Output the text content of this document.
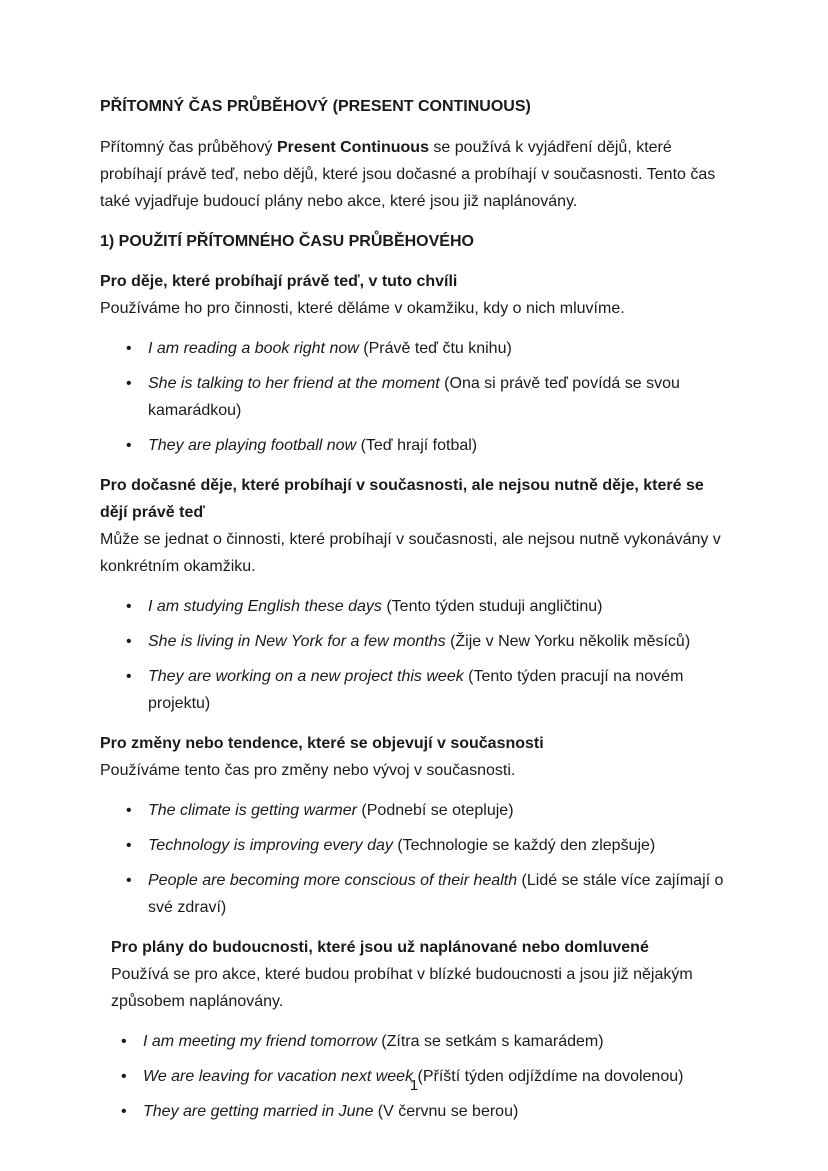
PŘÍTOMNÝ ČAS PRŮBĚHOVÝ (PRESENT CONTINUOUS)

Přítomný čas průběhový Present Continuous se používá k vyjádření dějů, které probíhají právě teď, nebo dějů, které jsou dočasné a probíhají v současnosti. Tento čas také vyjadřuje budoucí plány nebo akce, které jsou již naplánovány.

1) POUŽITÍ PŘÍTOMNÉHO ČASU PRŮBĚHOVÉHO

Pro děje, které probíhají právě teď, v tuto chvíli
Používáme ho pro činnosti, které děláme v okamžiku, kdy o nich mluvíme.

• I am reading a book right now (Právě teď čtu knihu)
• She is talking to her friend at the moment (Ona si právě teď povídá se svou kamarádkou)
• They are playing football now (Teď hrají fotbal)

Pro dočasné děje, které probíhají v současnosti, ale nejsou nutně děje, které se dějí právě teď
Může se jednat o činnosti, které probíhají v současnosti, ale nejsou nutně vykonávány v konkrétním okamžiku.

• I am studying English these days (Tento týden studuji angličtinu)
• She is living in New York for a few months (Žije v New Yorku několik měsíců)
• They are working on a new project this week (Tento týden pracují na novém projektu)

Pro změny nebo tendence, které se objevují v současnosti
Používáme tento čas pro změny nebo vývoj v současnosti.

• The climate is getting warmer (Podnebí se otepluje)
• Technology is improving every day (Technologie se každý den zlepšuje)
• People are becoming more conscious of their health (Lidé se stále více zajímají o své zdraví)

Pro plány do budoucnosti, které jsou už naplánované nebo domluvené
Používá se pro akce, které budou probíhat v blízké budoucnosti a jsou již nějakým způsobem naplánovány.

• I am meeting my friend tomorrow (Zítra se setkám s kamarádem)
• We are leaving for vacation next week (Příští týden odjíždíme na dovolenou)
• They are getting married in June (V červnu se berou)
1
